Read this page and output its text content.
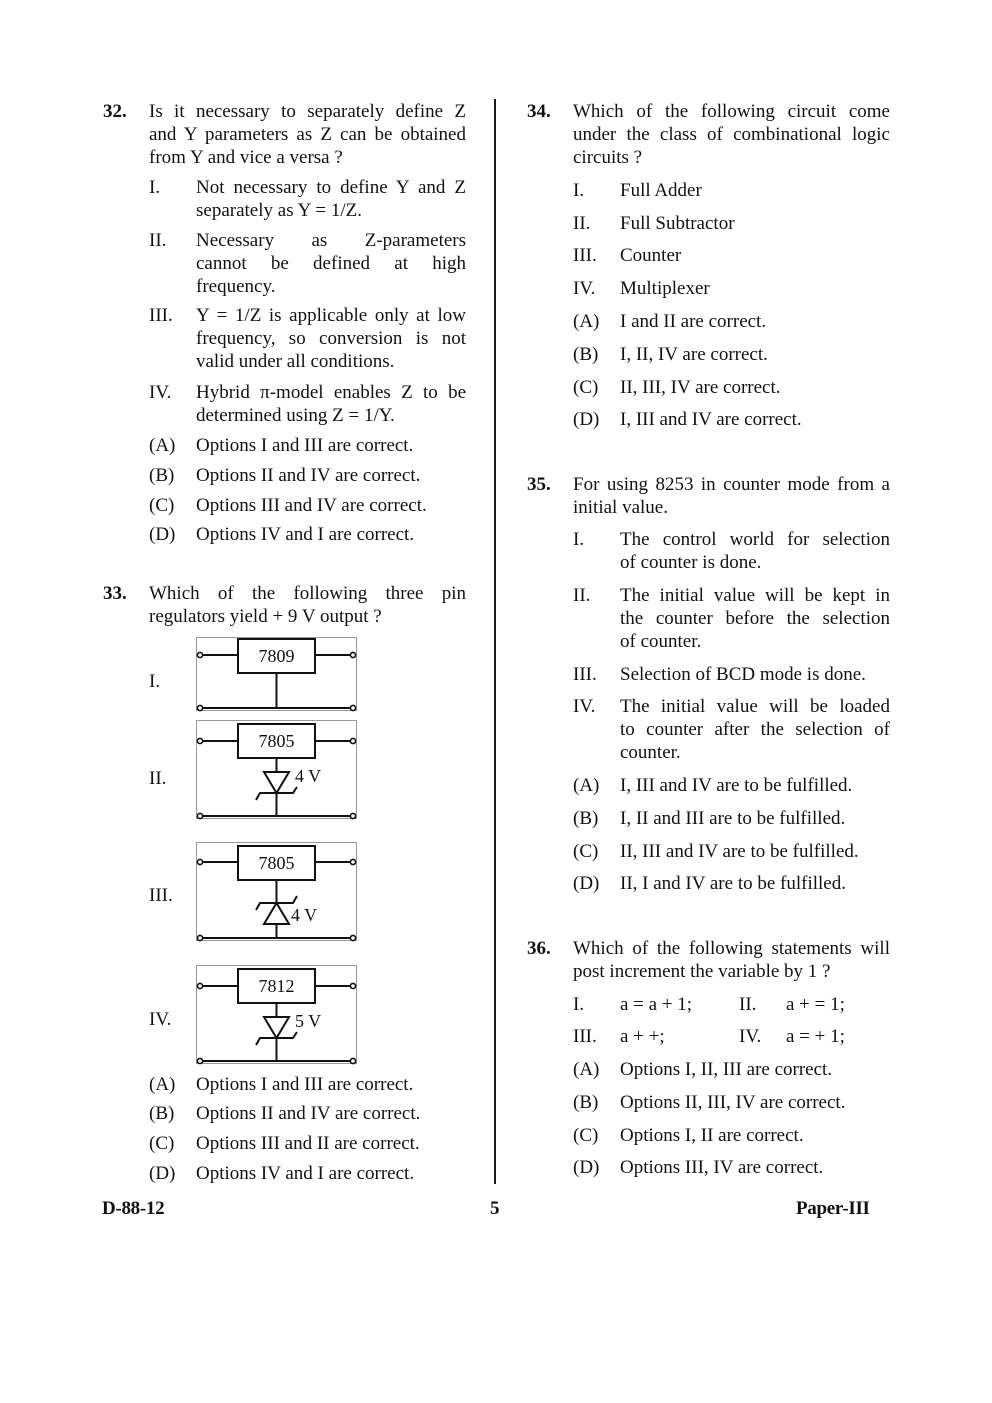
32. Is it necessary to separately define Z
and Y parameters as Z can be obtained
from Y and vice a versa ?
I. Not necessary to define Y and Z
separately as Y = 1/Z.
II. Necessary as Z-parameters
cannot be defined at high
frequency.
III. Y = 1/Z is applicable only at low
frequency, so conversion is not
valid under all conditions.
IV. Hybrid π-model enables Z to be
determined using Z = 1/Y.
(A) Options I and III are correct.
(B) Options II and IV are correct.
(C) Options III and IV are correct.
(D) Options IV and I are correct.
33. Which of the following three pin
regulators yield + 9 V output ?
I.
7809
II.
7805
4 V
III.
7805
4 V
IV.
7812
5 V
(A) Options I and III are correct.
(B) Options II and IV are correct.
(C) Options III and II are correct.
(D) Options IV and I are correct.
34. Which of the following circuit come
under the class of combinational logic
circuits ?
I. Full Adder
II. Full Subtractor
III. Counter
IV. Multiplexer
(A) I and II are correct.
(B) I, II, IV are correct.
(C) II, III, IV are correct.
(D) I, III and IV are correct.
35. For using 8253 in counter mode from a
initial value.
I. The control world for selection
of counter is done.
II. The initial value will be kept in
the counter before the selection
of counter.
III. Selection of BCD mode is done.
IV. The initial value will be loaded
to counter after the selection of
counter.
(A) I, III and IV are to be fulfilled.
(B) I, II and III are to be fulfilled.
(C) II, III and IV are to be fulfilled.
(D) II, I and IV are to be fulfilled.
36. Which of the following statements will
post increment the variable by 1 ?
I. a = a + 1; II. a + = 1;
III. a + +;	IV. a = + 1;
(A) Options I, II, III are correct.
(B) Options II, III, IV are correct.
(C) Options I, II are correct.
(D) Options III, IV are correct.
D-88-12	5	Paper-III
